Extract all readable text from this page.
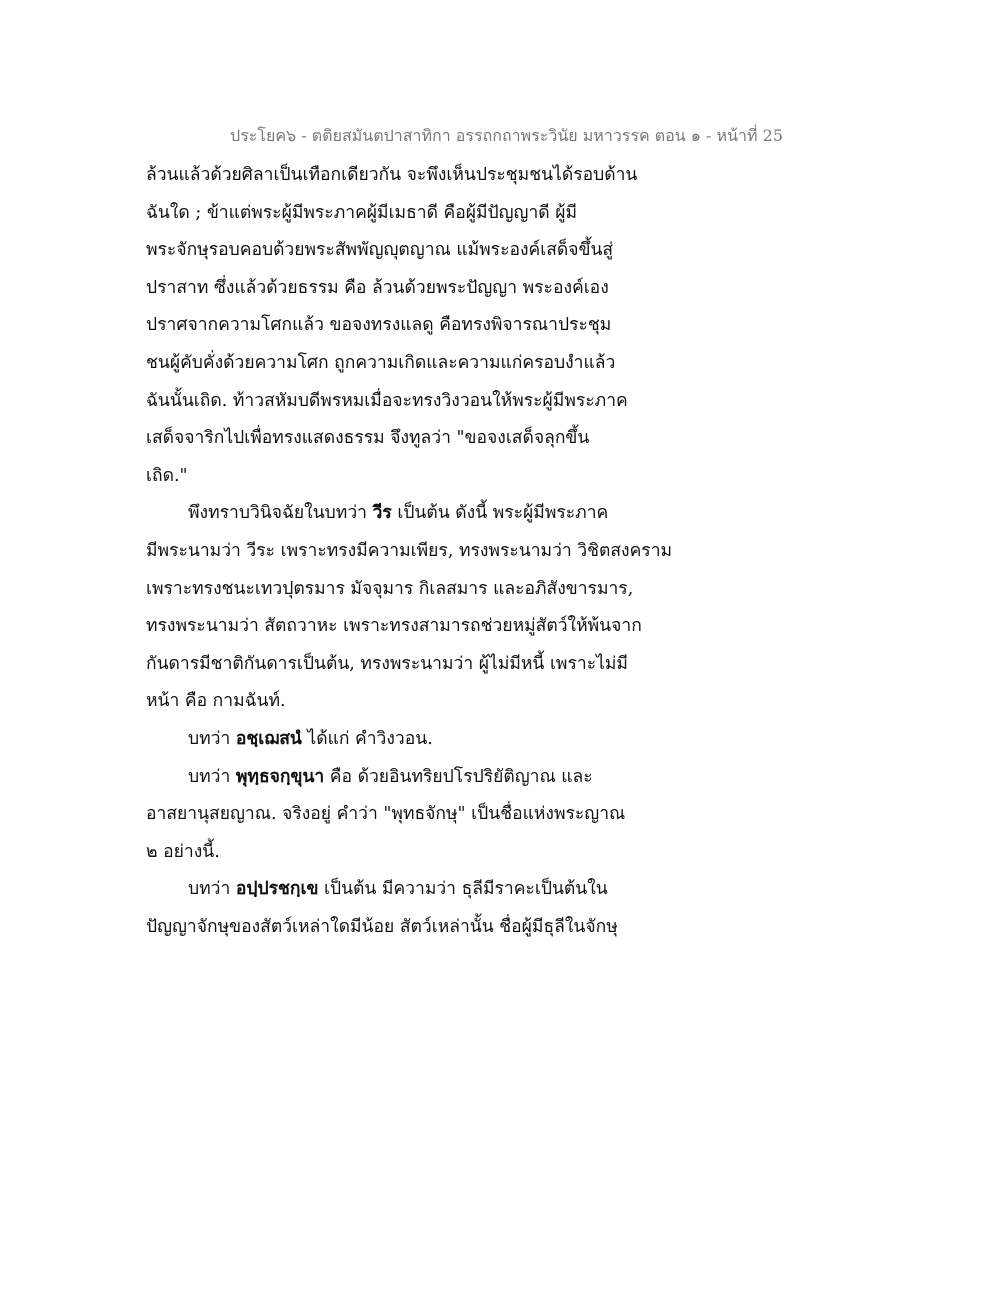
ประโยค๖ - ตติยสมันตปาสาทิกา อรรถกถาพระวินัย มหาวรรค ตอน ๑ - หน้าที่ 25
ล้วนแล้วด้วยศิลาเป็นเทือกเดียวกัน จะพึงเห็นประชุมชนได้รอบด้าน
ฉันใด ; ข้าแต่พระผู้มีพระภาคผู้มีเมธาดี คือผู้มีปัญญาดี ผู้มี
พระจักษุรอบคอบด้วยพระสัพพัญญุตญาณ แม้พระองค์เสด็จขึ้นสู่
ปราสาท ซึ่งแล้วด้วยธรรม คือ ล้วนด้วยพระปัญญา พระองค์เอง
ปราศจากความโศกแล้ว ขอจงทรงแลดู คือทรงพิจารณาประชุม
ชนผู้คับคั่งด้วยความโศก ถูกความเกิดและความแก่ครอบงำแล้ว
ฉันนั้นเถิด. ท้าวสหัมบดีพรหมเมื่อจะทรงวิงวอนให้พระผู้มีพระภาค
เสด็จจาริกไปเพื่อทรงแสดงธรรม จึงทูลว่า "ขอจงเสด็จลุกขึ้น
เถิด."
พึงทราบวินิจฉัยในบทว่า วีร เป็นต้น ดังนี้ พระผู้มีพระภาค
มีพระนามว่า วีระ เพราะทรงมีความเพียร, ทรงพระนามว่า วิชิตสงคราม
เพราะทรงชนะเทวปุตรมาร มัจจุมาร กิเลสมาร และอภิสังขารมาร,
ทรงพระนามว่า สัตถวาหะ เพราะทรงสามารถช่วยหมู่สัตว์ให้พ้นจาก
กันดารมีชาติกันดารเป็นต้น, ทรงพระนามว่า ผู้ไม่มีหนี้ เพราะไม่มี
หน้า คือ กามฉันท์.
บทว่า อชฺเฌสนํ ได้แก่ คำวิงวอน.
บทว่า พุทฺธจกฺขุนา คือ ด้วยอินทริยปโรปริยัติญาณ และ
อาสยานุสยญาณ. จริงอยู่ คำว่า "พุทธจักษุ" เป็นชื่อแห่งพระญาณ
๒ อย่างนี้.
บทว่า อปฺปรชกฺเข เป็นต้น มีความว่า ธุลีมีราคะเป็นต้นใน
ปัญญาจักษุของสัตว์เหล่าใดมีน้อย สัตว์เหล่านั้น ชื่อผู้มีธุลีในจักษุ
